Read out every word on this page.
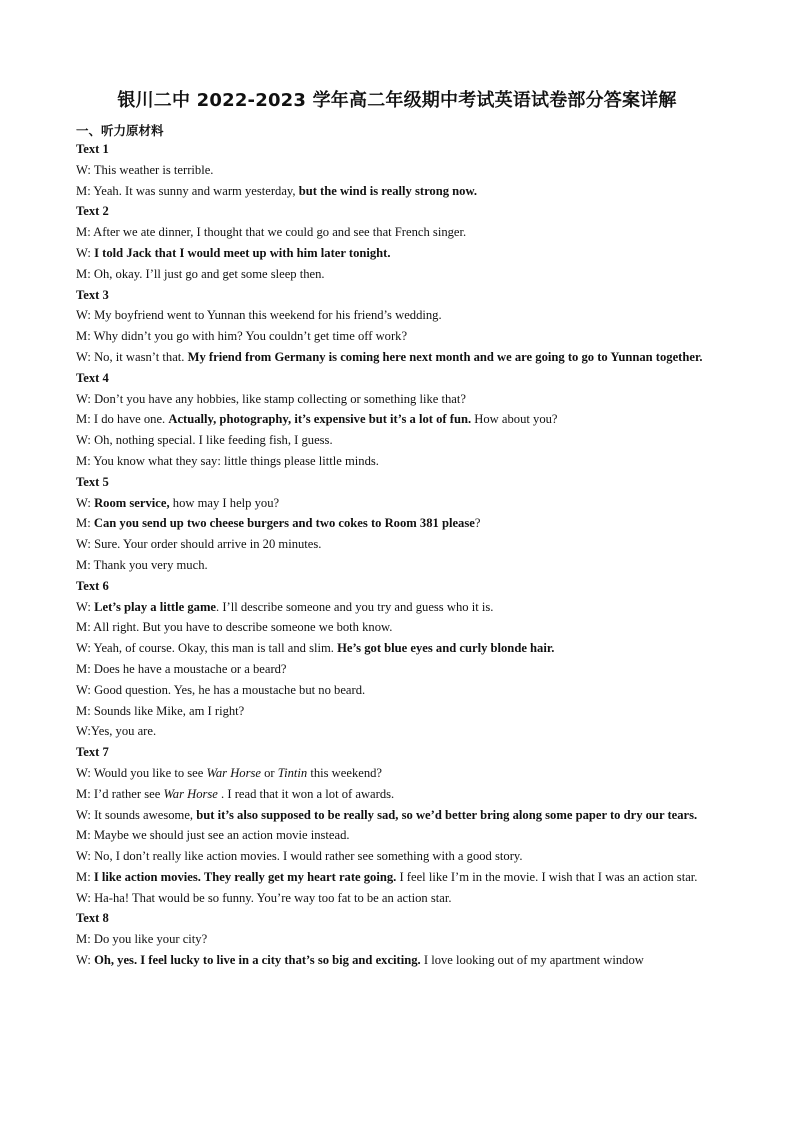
银川二中 2022-2023 学年高二年级期中考试英语试卷部分答案详解
一、听力原材料
Text 1
W: This weather is terrible.
M: Yeah. It was sunny and warm yesterday, but the wind is really strong now.
Text 2
M: After we ate dinner, I thought that we could go and see that French singer.
W: I told Jack that I would meet up with him later tonight.
M: Oh, okay. I’ll just go and get some sleep then.
Text 3
W: My boyfriend went to Yunnan this weekend for his friend’s wedding.
M: Why didn’t you go with him? You couldn’t get time off work?
W: No, it wasn’t that. My friend from Germany is coming here next month and we are going to go to Yunnan together.
Text 4
W: Don’t you have any hobbies, like stamp collecting or something like that?
M: I do have one. Actually, photography, it’s expensive but it’s a lot of fun. How about you?
W: Oh, nothing special. I like feeding fish, I guess.
M: You know what they say: little things please little minds.
Text 5
W: Room service, how may I help you?
M: Can you send up two cheese burgers and two cokes to Room 381 please?
W: Sure. Your order should arrive in 20 minutes.
M: Thank you very much.
Text 6
W: Let’s play a little game. I’ll describe someone and you try and guess who it is.
M: All right. But you have to describe someone we both know.
W: Yeah, of course. Okay, this man is tall and slim. He’s got blue eyes and curly blonde hair.
M: Does he have a moustache or a beard?
W: Good question. Yes, he has a moustache but no beard.
M: Sounds like Mike, am I right?
W:Yes, you are.
Text 7
W: Would you like to see War Horse or Tintin this weekend?
M: I’d rather see War Horse . I read that it won a lot of awards.
W: It sounds awesome, but it’s also supposed to be really sad, so we’d better bring along some paper to dry our tears.
M: Maybe we should just see an action movie instead.
W: No, I don’t really like action movies. I would rather see something with a good story.
M: I like action movies. They really get my heart rate going. I feel like I’m in the movie. I wish that I was an action star.
W: Ha-ha! That would be so funny. You’re way too fat to be an action star.
Text 8
M: Do you like your city?
W: Oh, yes. I feel lucky to live in a city that’s so big and exciting. I love looking out of my apartment window
